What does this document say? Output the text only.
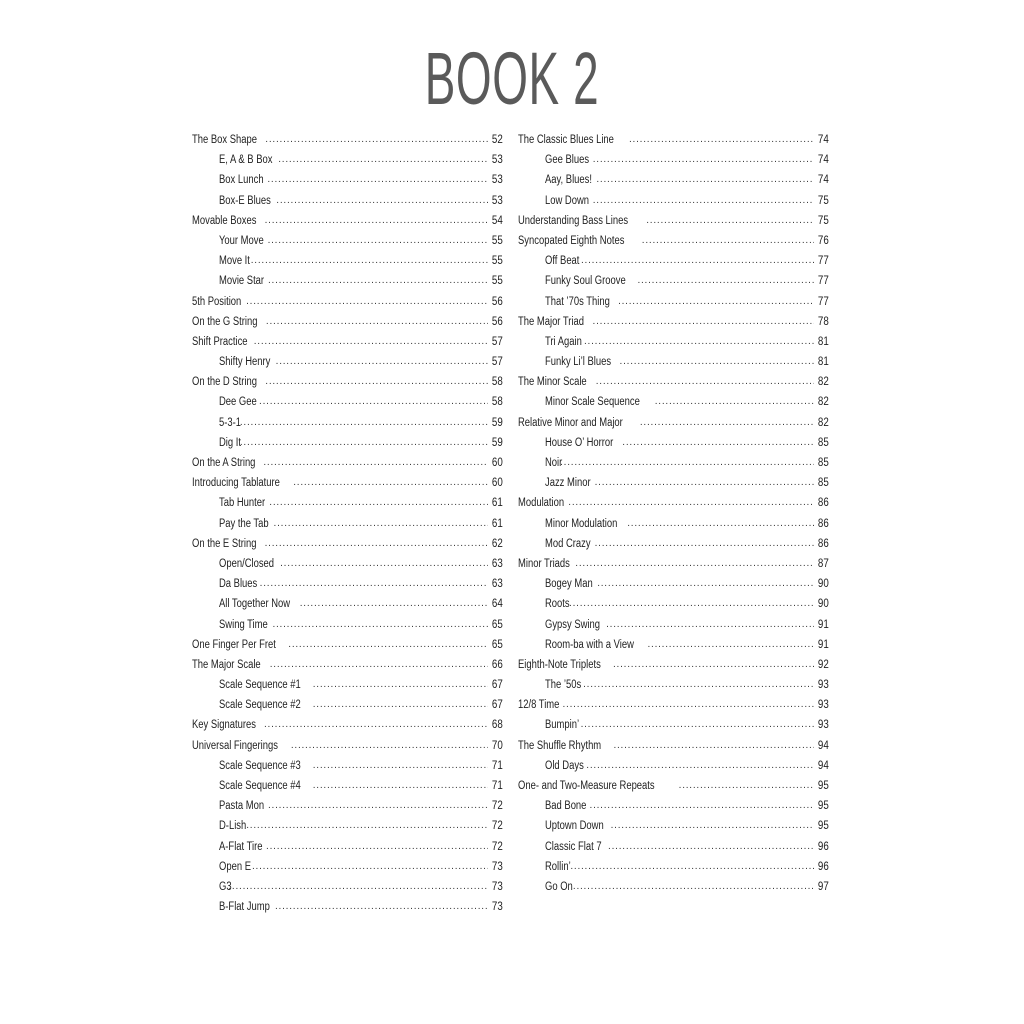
BOOK 2
The Box Shape . . .	52
E, A & B Box . . .	53
Box Lunch . . .	53
Box-E Blues . . .	53
Movable Boxes . . .	54
Your Move . . .	55
Move It . . .	55
Movie Star . . .	55
5th Position . . .	56
On the G String . . .	56
Shift Practice . . .	57
Shifty Henry . . .	57
On the D String . . .	58
Dee Gee . . .	58
5-3-1 . . .	59
Dig It . . .	59
On the A String . . .	60
Introducing Tablature . . .	60
Tab Hunter . . .	61
Pay the Tab . . .	61
On the E String . . .	62
Open/Closed . . .	63
Da Blues . . .	63
All Together Now . . .	64
Swing Time . . .	65
One Finger Per Fret . . .	65
The Major Scale . . .	66
Scale Sequence #1 . . .	67
Scale Sequence #2 . . .	67
Key Signatures . . .	68
Universal Fingerings . . .	70
Scale Sequence #3 . . .	71
Scale Sequence #4 . . .	71
Pasta Mon . . .	72
D-Lish . . .	72
A-Flat Tire . . .	72
Open E . . .	73
G3 . . .	73
B-Flat Jump . . .	73
The Classic Blues Line . . .	74
Gee Blues . . .	74
Aay, Blues! . . .	74
Low Down . . .	75
Understanding Bass Lines . . .	75
Syncopated Eighth Notes . . .	76
Off Beat . . .	77
Funky Soul Groove . . .	77
That ’70s Thing . . .	77
The Major Triad . . .	78
Tri Again . . .	81
Funky Li’l Blues . . .	81
The Minor Scale . . .	82
Minor Scale Sequence . . .	82
Relative Minor and Major . . .	82
House O’ Horror . . .	85
Noir . . .	85
Jazz Minor . . .	85
Modulation . . .	86
Minor Modulation . . .	86
Mod Crazy . . .	86
Minor Triads . . .	87
Bogey Man . . .	90
Roots . . .	90
Gypsy Swing . . .	91
Room-ba with a View . . .	91
Eighth-Note Triplets . . .	92
The ’50s . . .	93
12/8 Time . . .	93
Bumpin’ . . .	93
The Shuffle Rhythm . . .	94
Old Days . . .	94
One- and Two-Measure Repeats . . .	95
Bad Bone . . .	95
Uptown Down . . .	95
Classic Flat 7 . . .	96
Rollin’ . . .	96
Go On . . .	97
